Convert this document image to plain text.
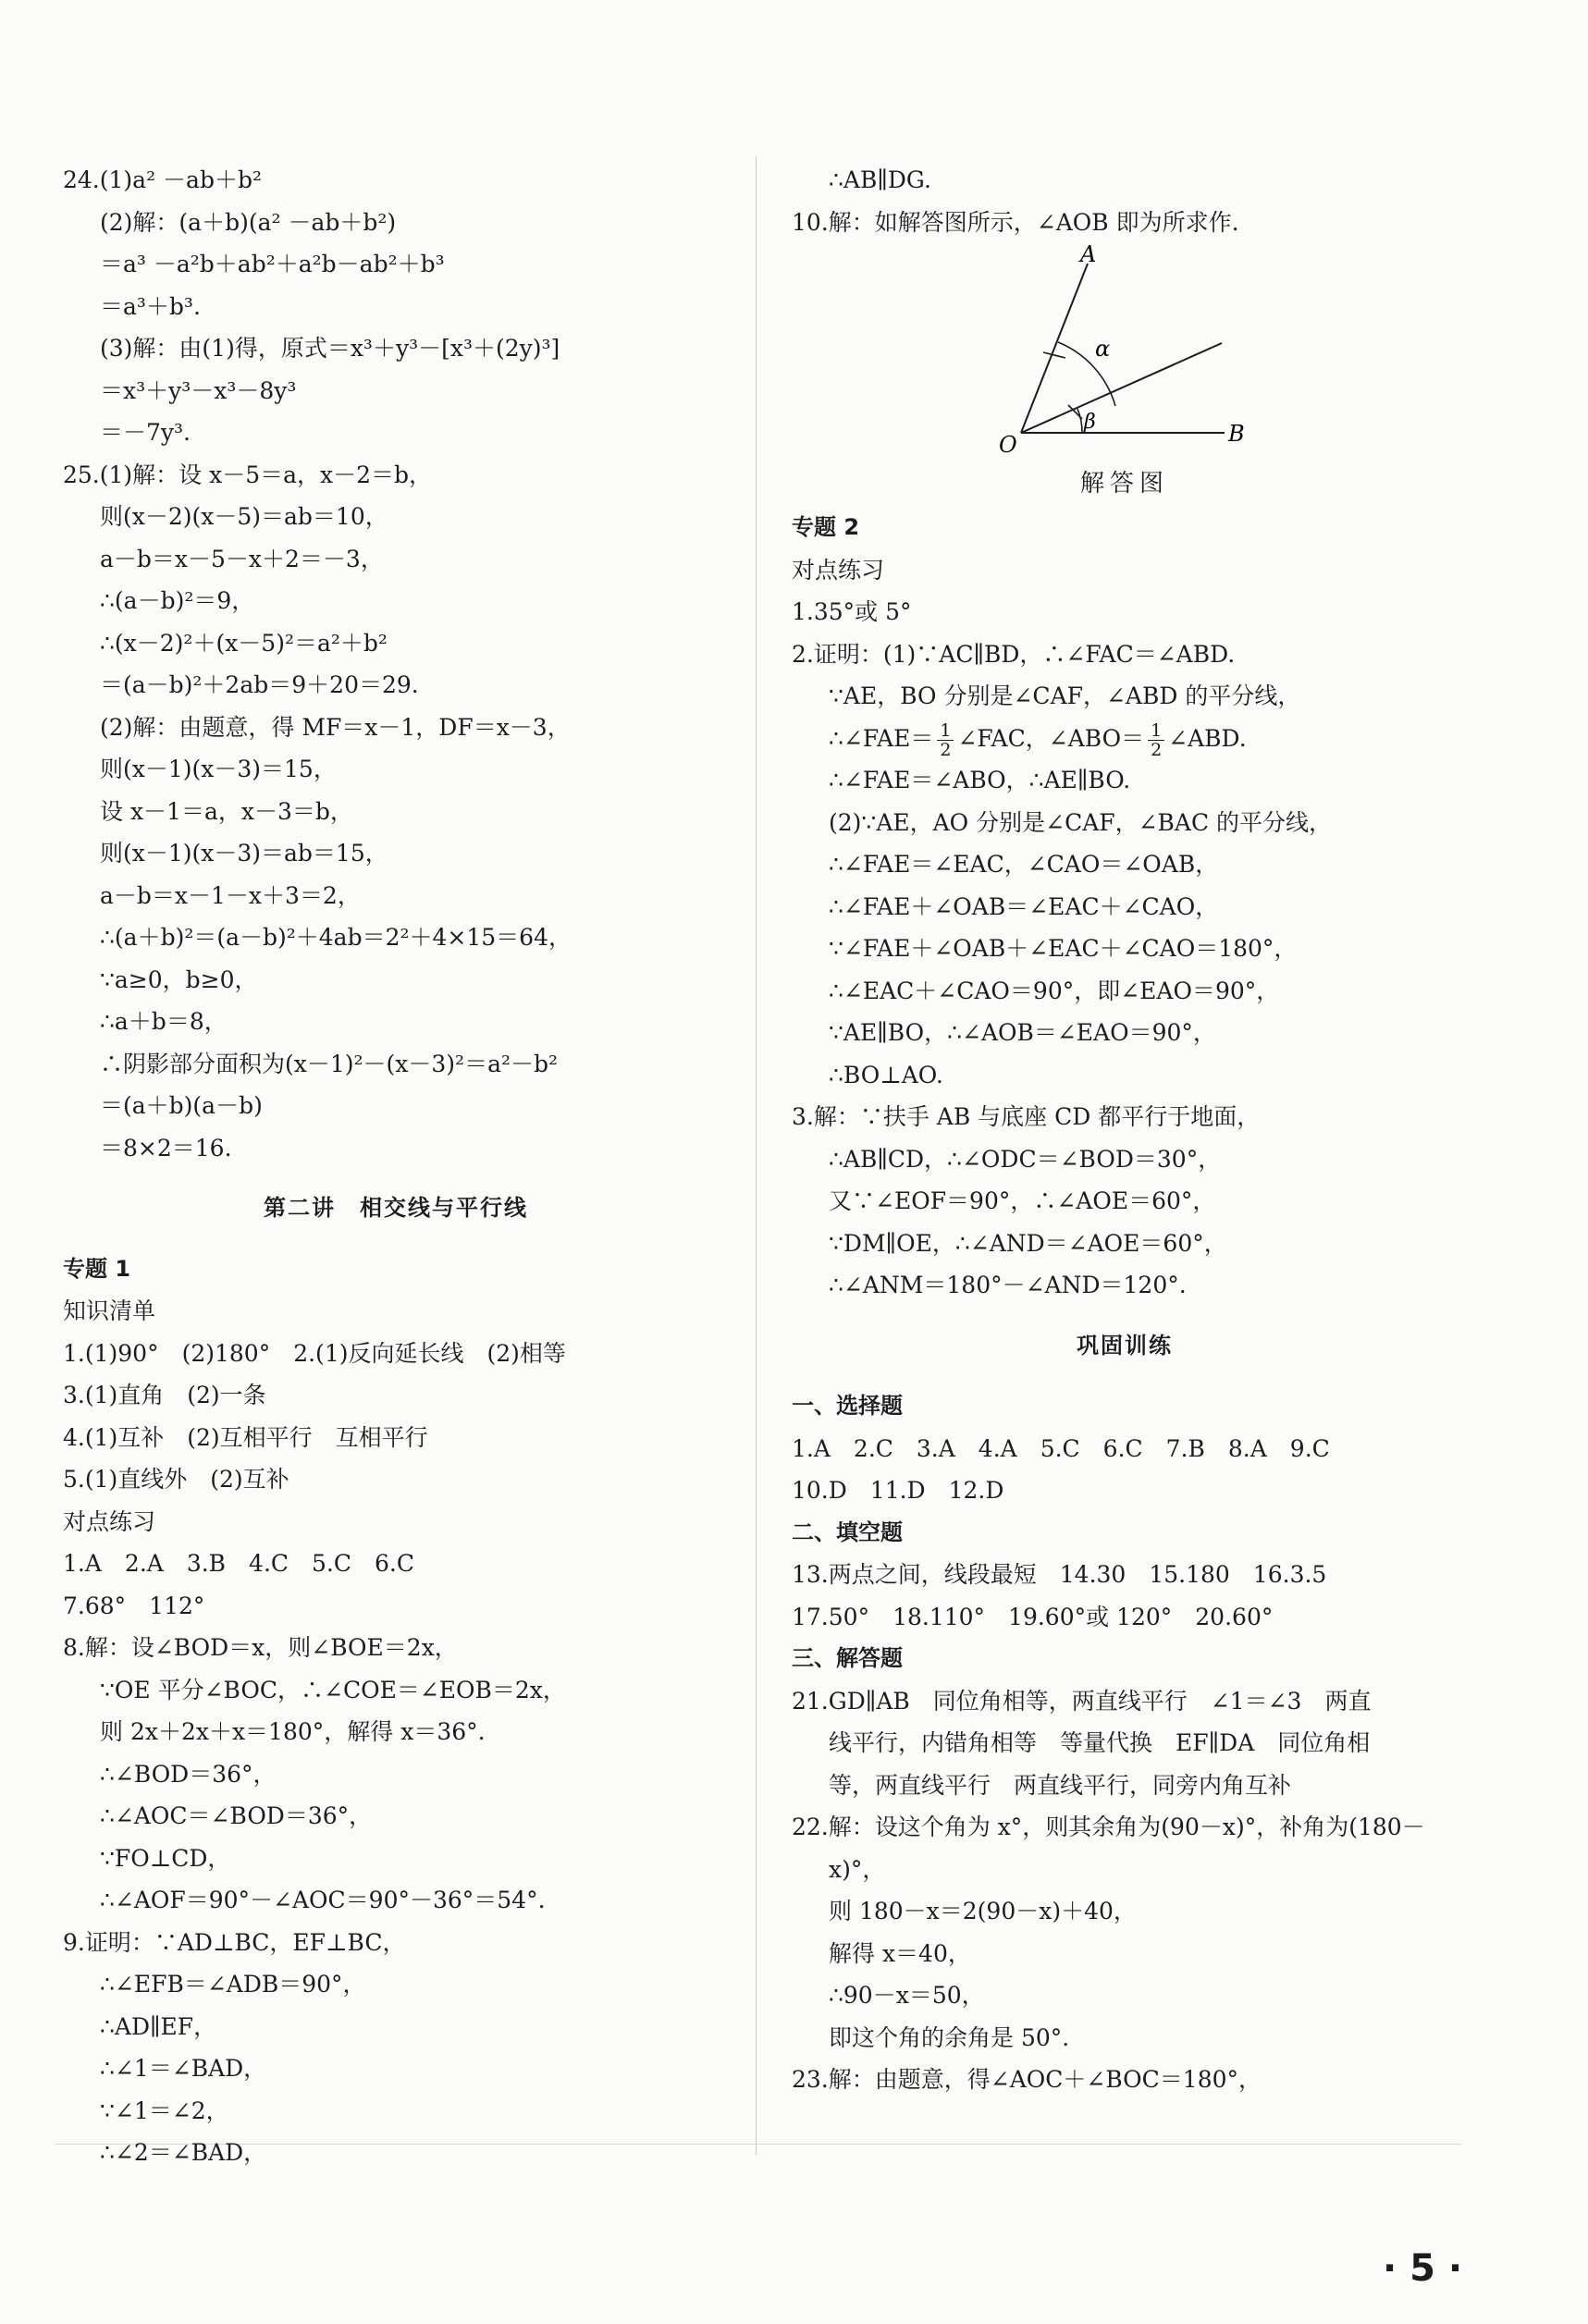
24.(1)a² －ab＋b²
(2)解：(a＋b)(a² －ab＋b²)
＝a³ －a²b＋ab²＋a²b－ab²＋b³
＝a³＋b³.
(3)解：由(1)得，原式＝x³＋y³－[x³＋(2y)³]
＝x³＋y³－x³－8y³
＝－7y³.
25.(1)解：设 x－5＝a，x－2＝b，
则(x－2)(x－5)＝ab＝10，
a－b＝x－5－x＋2＝－3，
∴(a－b)²＝9，
∴(x－2)²＋(x－5)²＝a²＋b²
＝(a－b)²＋2ab＝9＋20＝29.
(2)解：由题意，得 MF＝x－1，DF＝x－3，
则(x－1)(x－3)＝15，
设 x－1＝a，x－3＝b，
则(x－1)(x－3)＝ab＝15，
a－b＝x－1－x＋3＝2，
∴(a＋b)²＝(a－b)²＋4ab＝2²＋4×15＝64，
∵a≥0，b≥0，
∴a＋b＝8，
∴阴影部分面积为(x－1)²－(x－3)²＝a²－b²
＝(a＋b)(a－b)
＝8×2＝16.
第二讲　相交线与平行线
专题 1
知识清单
1.(1)90°　(2)180°　2.(1)反向延长线　(2)相等
3.(1)直角　(2)一条
4.(1)互补　(2)互相平行　互相平行
5.(1)直线外　(2)互补
对点练习
1.A　2.A　3.B　4.C　5.C　6.C
7.68°　112°
8.解：设∠BOD＝x，则∠BOE＝2x，
∵OE 平分∠BOC，∴∠COE＝∠EOB＝2x，
则 2x＋2x＋x＝180°，解得 x＝36°.
∴∠BOD＝36°，
∴∠AOC＝∠BOD＝36°，
∵FO⊥CD，
∴∠AOF＝90°－∠AOC＝90°－36°＝54°.
9.证明：∵AD⊥BC，EF⊥BC，
∴∠EFB＝∠ADB＝90°，
∴AD∥EF，
∴∠1＝∠BAD，
∵∠1＝∠2，
∴∠2＝∠BAD，
∴AB∥DG.
10.解：如解答图所示，∠AOB 即为所求作.
A
O	B
α
β
解答图
专题 2
对点练习
1.35°或 5°
2.证明：(1)∵AC∥BD，∴∠FAC＝∠ABD.
∵AE，BO 分别是∠CAF，∠ABD 的平分线，
∴∠FAE＝ $\frac{1}{2}$ ∠FAC，∠ABO＝ $\frac{1}{2}$ ∠ABD.
∴∠FAE＝∠ABO，∴AE∥BO.
(2)∵AE，AO 分别是∠CAF，∠BAC 的平分线，
∴∠FAE＝∠EAC，∠CAO＝∠OAB，
∴∠FAE＋∠OAB＝∠EAC＋∠CAO，
∵∠FAE＋∠OAB＋∠EAC＋∠CAO＝180°，
∴∠EAC＋∠CAO＝90°，即∠EAO＝90°，
∵AE∥BO，∴∠AOB＝∠EAO＝90°，
∴BO⊥AO.
3.解：∵扶手 AB 与底座 CD 都平行于地面，
∴AB∥CD，∴∠ODC＝∠BOD＝30°，
又∵∠EOF＝90°，∴∠AOE＝60°，
∵DM∥OE，∴∠AND＝∠AOE＝60°，
∴∠ANM＝180°－∠AND＝120°.
巩固训练
一、选择题
1.A　2.C　3.A　4.A　5.C　6.C　7.B　8.A　9.C
10.D　11.D　12.D
二、填空题
13.两点之间，线段最短　14.30　15.180　16.3.5
17.50°　18.110°　19.60°或 120°　20.60°
三、解答题
21.GD∥AB　同位角相等，两直线平行　∠1＝∠3　两直
线平行，内错角相等　等量代换　EF∥DA　同位角相
等，两直线平行　两直线平行，同旁内角互补
22.解：设这个角为 x°，则其余角为(90－x)°，补角为(180－
x)°，
则 180－x＝2(90－x)＋40，
解得 x＝40，
∴90－x＝50，
即这个角的余角是 50°.
23.解：由题意，得∠AOC＋∠BOC＝180°，
· 5 ·
